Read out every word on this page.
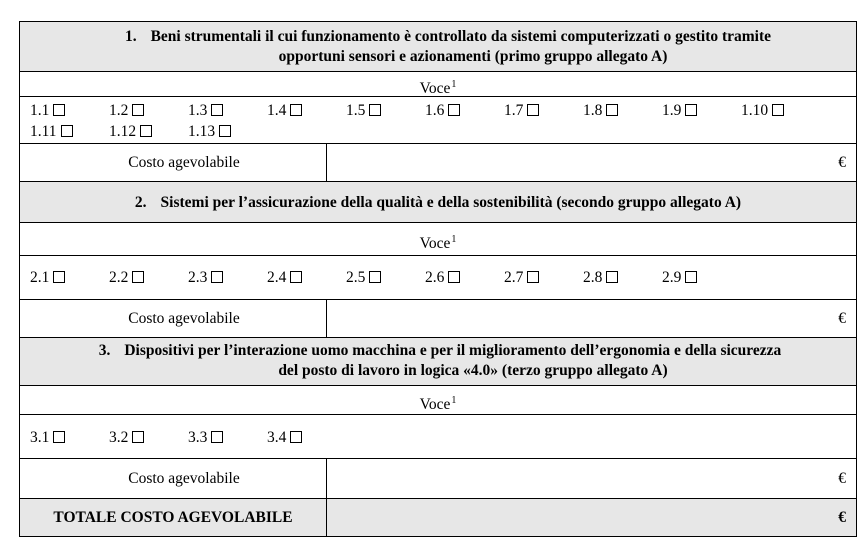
1. Beni strumentali il cui funzionamento è controllato da sistemi computerizzati o gestito tramite
opportuni sensori e azionamenti (primo gruppo allegato A)
Voce$^1$
1.1	1.2	1.3	1.4	1.5	1.6	1.7	1.8	1.9	1.10
1.11	1.12	1.13
Costo agevolabile	€
2. Sistemi per l’assicurazione della qualità e della sostenibilità (secondo gruppo allegato A)
Voce$^1$
2.1	2.2	2.3	2.4	2.5	2.6	2.7	2.8	2.9
Costo agevolabile	€
3. Dispositivi per l’interazione uomo macchina e per il miglioramento dell’ergonomia e della sicurezza
del posto di lavoro in logica «4.0» (terzo gruppo allegato A)
Voce$^1$
3.1	3.2	3.3	3.4
Costo agevolabile	€
TOTALE COSTO AGEVOLABILE	€
